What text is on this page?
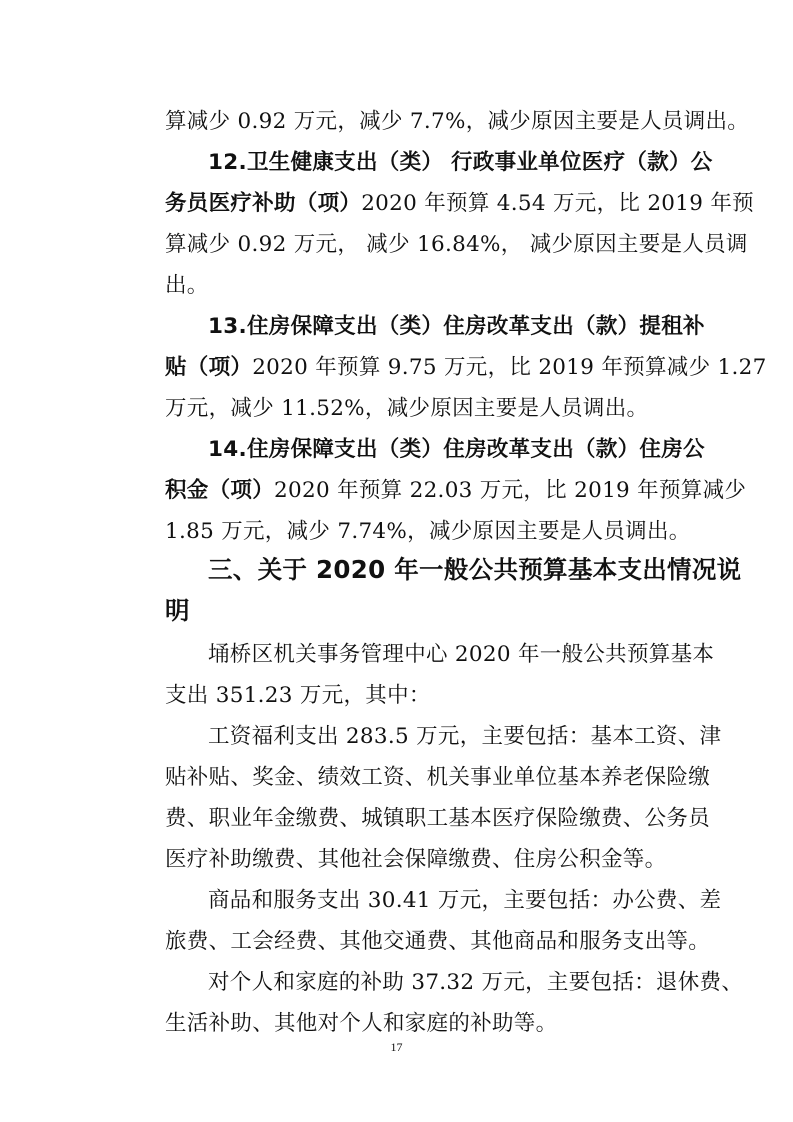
算减少 0.92 万元，减少 7.7%，减少原因主要是人员调出。
12.卫生健康支出（类） 行政事业单位医疗（款）公
务员医疗补助（项）2020 年预算 4.54 万元，比 2019 年预
算减少 0.92 万元， 减少 16.84%， 减少原因主要是人员调
出。
13.住房保障支出（类）住房改革支出（款）提租补
贴（项）2020 年预算 9.75 万元，比 2019 年预算减少 1.27
万元，减少 11.52%，减少原因主要是人员调出。
14.住房保障支出（类）住房改革支出（款）住房公
积金（项）2020 年预算 22.03 万元，比 2019 年预算减少
1.85 万元，减少 7.74%，减少原因主要是人员调出。
三、关于 2020 年一般公共预算基本支出情况说
明
埇桥区机关事务管理中心 2020 年一般公共预算基本
支出 351.23 万元，其中：
工资福利支出 283.5 万元，主要包括：基本工资、津
贴补贴、奖金、绩效工资、机关事业单位基本养老保险缴
费、职业年金缴费、城镇职工基本医疗保险缴费、公务员
医疗补助缴费、其他社会保障缴费、住房公积金等。
商品和服务支出 30.41 万元，主要包括：办公费、差
旅费、工会经费、其他交通费、其他商品和服务支出等。
对个人和家庭的补助 37.32 万元，主要包括：退休费、
生活补助、其他对个人和家庭的补助等。
17
